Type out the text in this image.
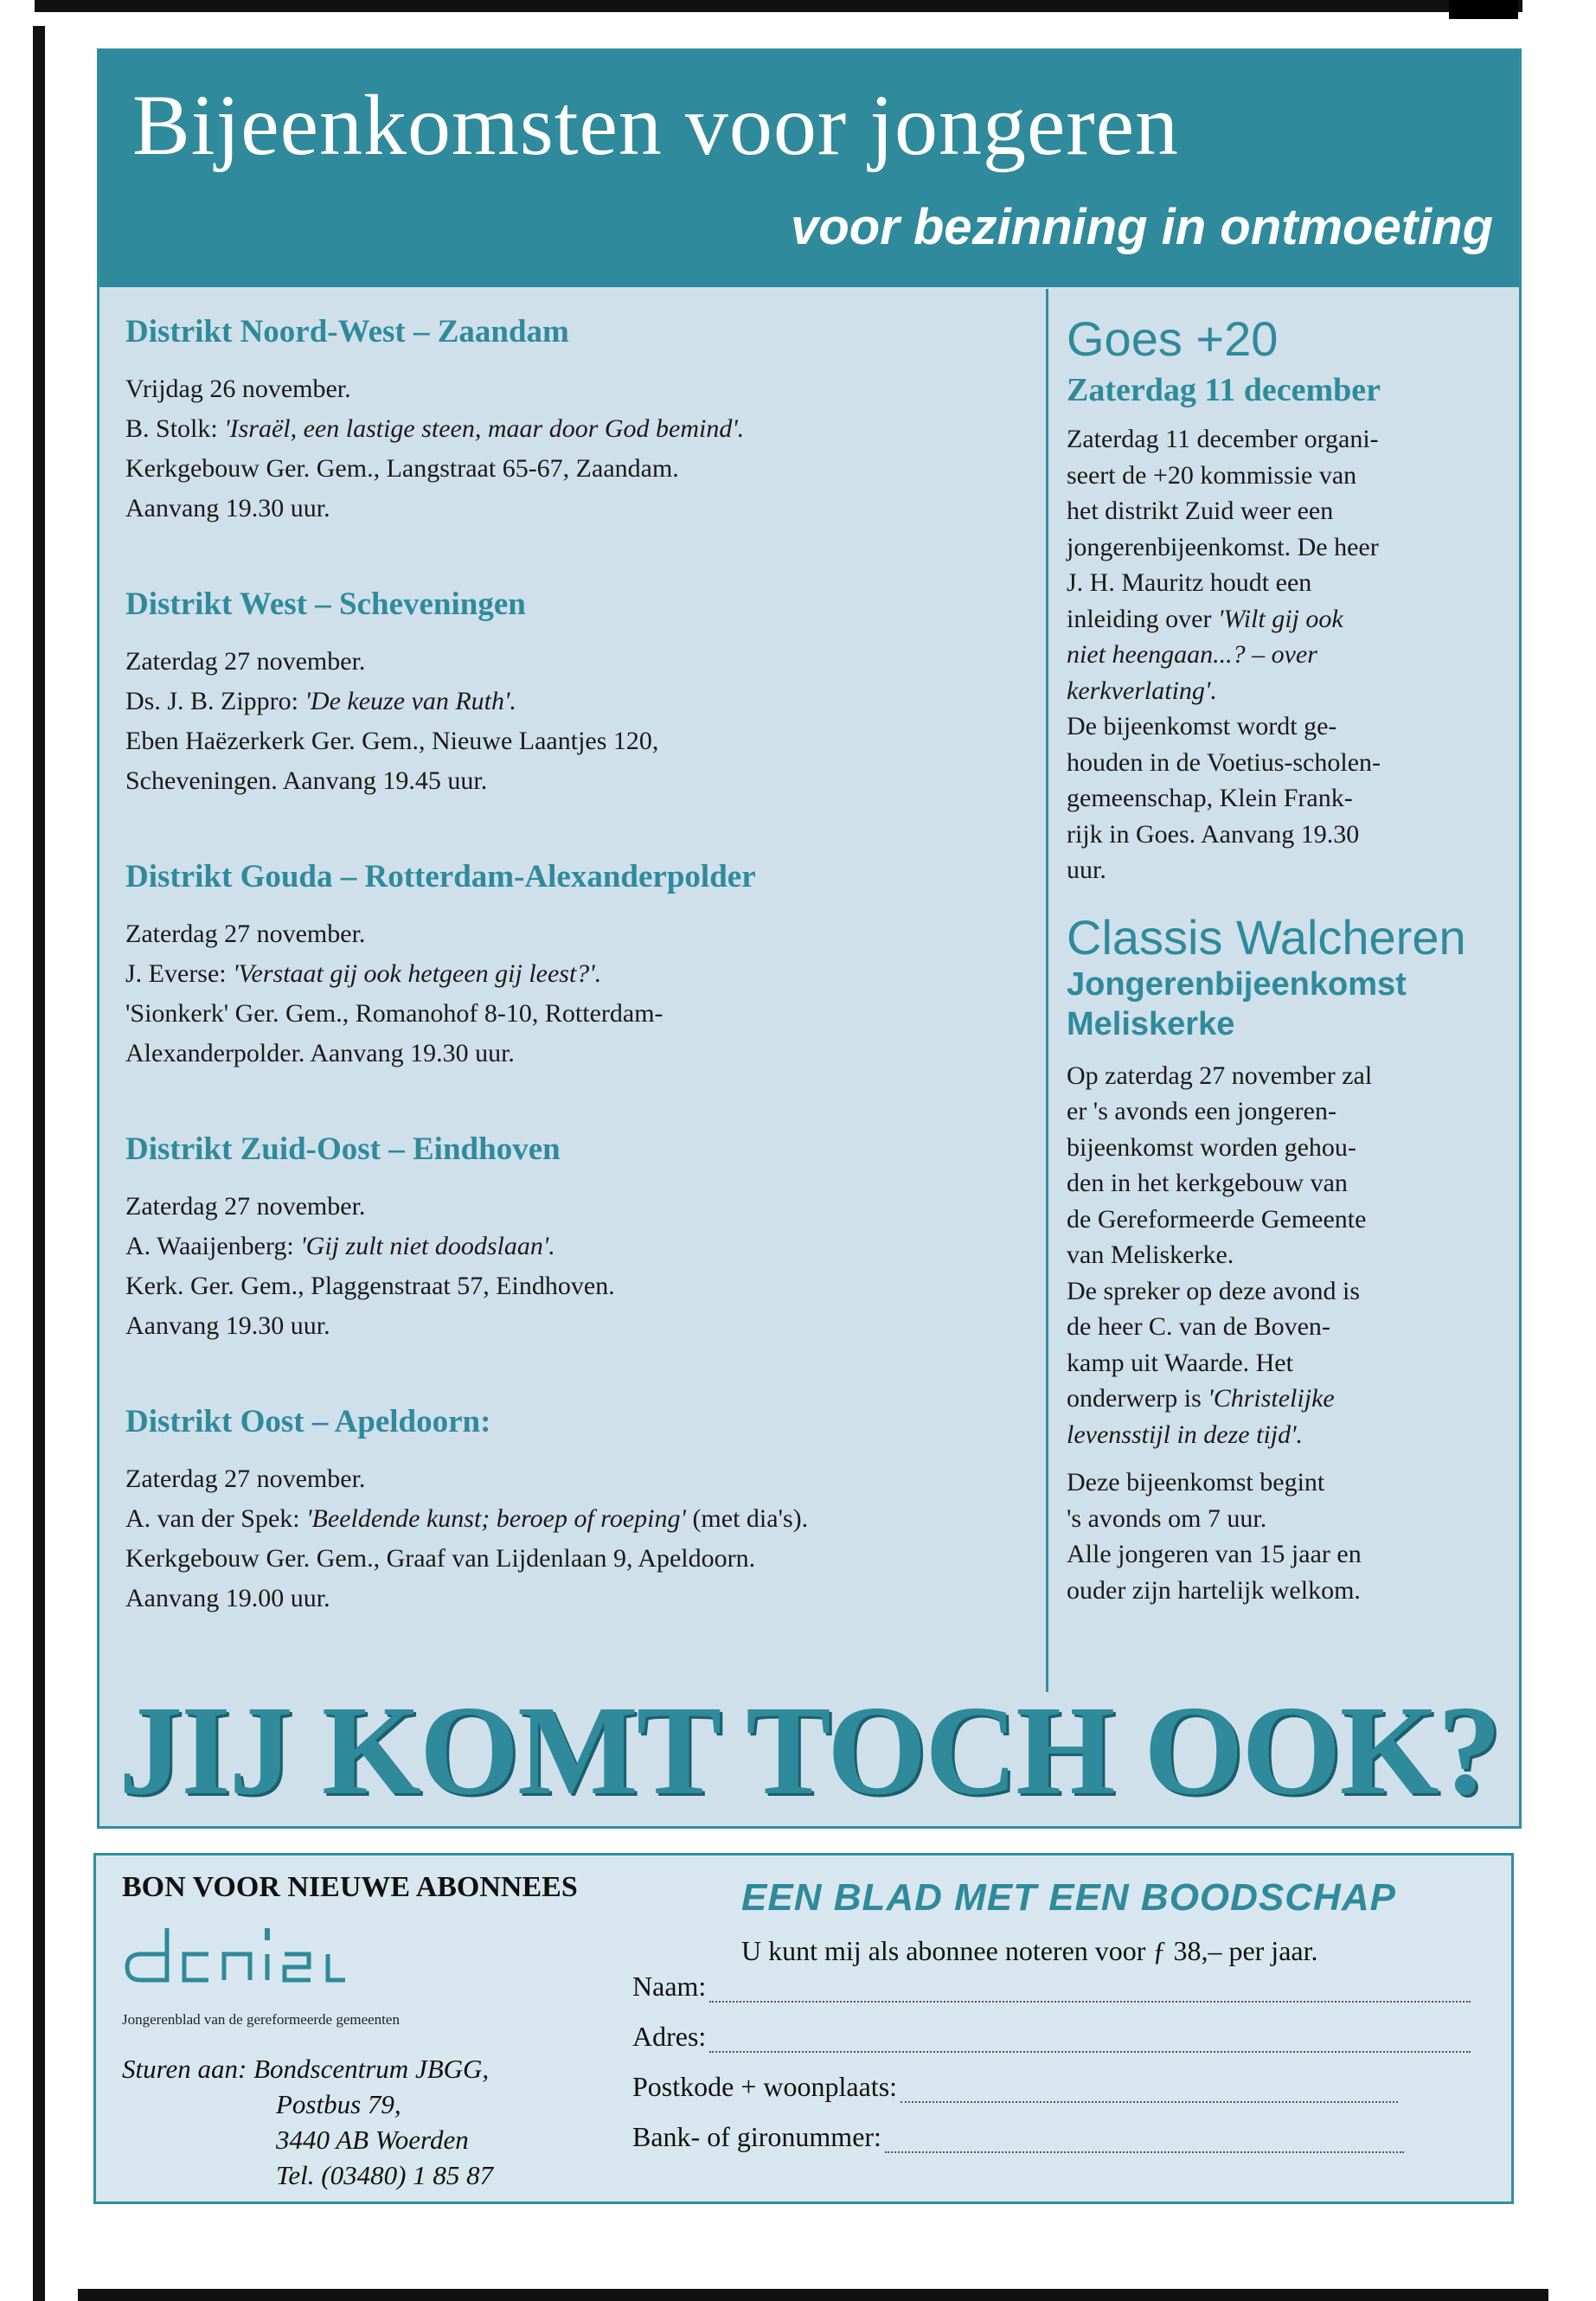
Bijeenkomsten voor jongeren
voor bezinning in ontmoeting
Distrikt Noord-West – Zaandam

Vrijdag 26 november.

B. Stolk: 'Israël, een lastige steen, maar door God bemind'.

Kerkgebouw Ger. Gem., Langstraat 65-67, Zaandam.

Aanvang 19.30 uur.

Distrikt West – Scheveningen

Zaterdag 27 november.

Ds. J. B. Zippro: 'De keuze van Ruth'.

Eben Haëzerkerk Ger. Gem., Nieuwe Laantjes 120,

Scheveningen. Aanvang 19.45 uur.

Distrikt Gouda – Rotterdam-Alexanderpolder

Zaterdag 27 november.

J. Everse: 'Verstaat gij ook hetgeen gij leest?'.

'Sionkerk' Ger. Gem., Romanohof 8-10, Rotterdam-

Alexanderpolder. Aanvang 19.30 uur.

Distrikt Zuid-Oost – Eindhoven

Zaterdag 27 november.

A. Waaijenberg: 'Gij zult niet doodslaan'.

Kerk. Ger. Gem., Plaggenstraat 57, Eindhoven.

Aanvang 19.30 uur.

Distrikt Oost – Apeldoorn:

Zaterdag 27 november.

A. van der Spek: 'Beeldende kunst; beroep of roeping' (met dia's).

Kerkgebouw Ger. Gem., Graaf van Lijdenlaan 9, Apeldoorn.

Aanvang 19.00 uur.

Goes +20
Zaterdag 11 december

Zaterdag 11 december organi-

seert de +20 kommissie van

het distrikt Zuid weer een

jongerenbijeenkomst. De heer

J. H. Mauritz houdt een

inleiding over 'Wilt gij ook

niet heengaan...? – over

kerkverlating'.

De bijeenkomst wordt ge-

houden in de Voetius-scholen-

gemeenschap, Klein Frank-

rijk in Goes. Aanvang 19.30

uur.

Classis Walcheren
Jongerenbijeenkomst
Meliskerke

Op zaterdag 27 november zal

er 's avonds een jongeren-

bijeenkomst worden gehou-

den in het kerkgebouw van

de Gereformeerde Gemeente

van Meliskerke.

De spreker op deze avond is

de heer C. van de Boven-

kamp uit Waarde. Het

onderwerp is 'Christelijke

levensstijl in deze tijd'.

Deze bijeenkomst begint

's avonds om 7 uur.

Alle jongeren van 15 jaar en

ouder zijn hartelijk welkom.

JIJ KOMT TOCH OOK?
BON VOOR NIEUWE ABONNEES
Jongerenblad van de gereformeerde gemeenten
Sturen aan: Bondscentrum JBGG,
Postbus 79,
3440 AB Woerden
Tel. (03480) 1 85 87
EEN BLAD MET EEN BOODSCHAP
U kunt mij als abonnee noteren voor ƒ 38,– per jaar.
Naam:
Adres:
Postkode + woonplaats:
Bank- of gironummer:
